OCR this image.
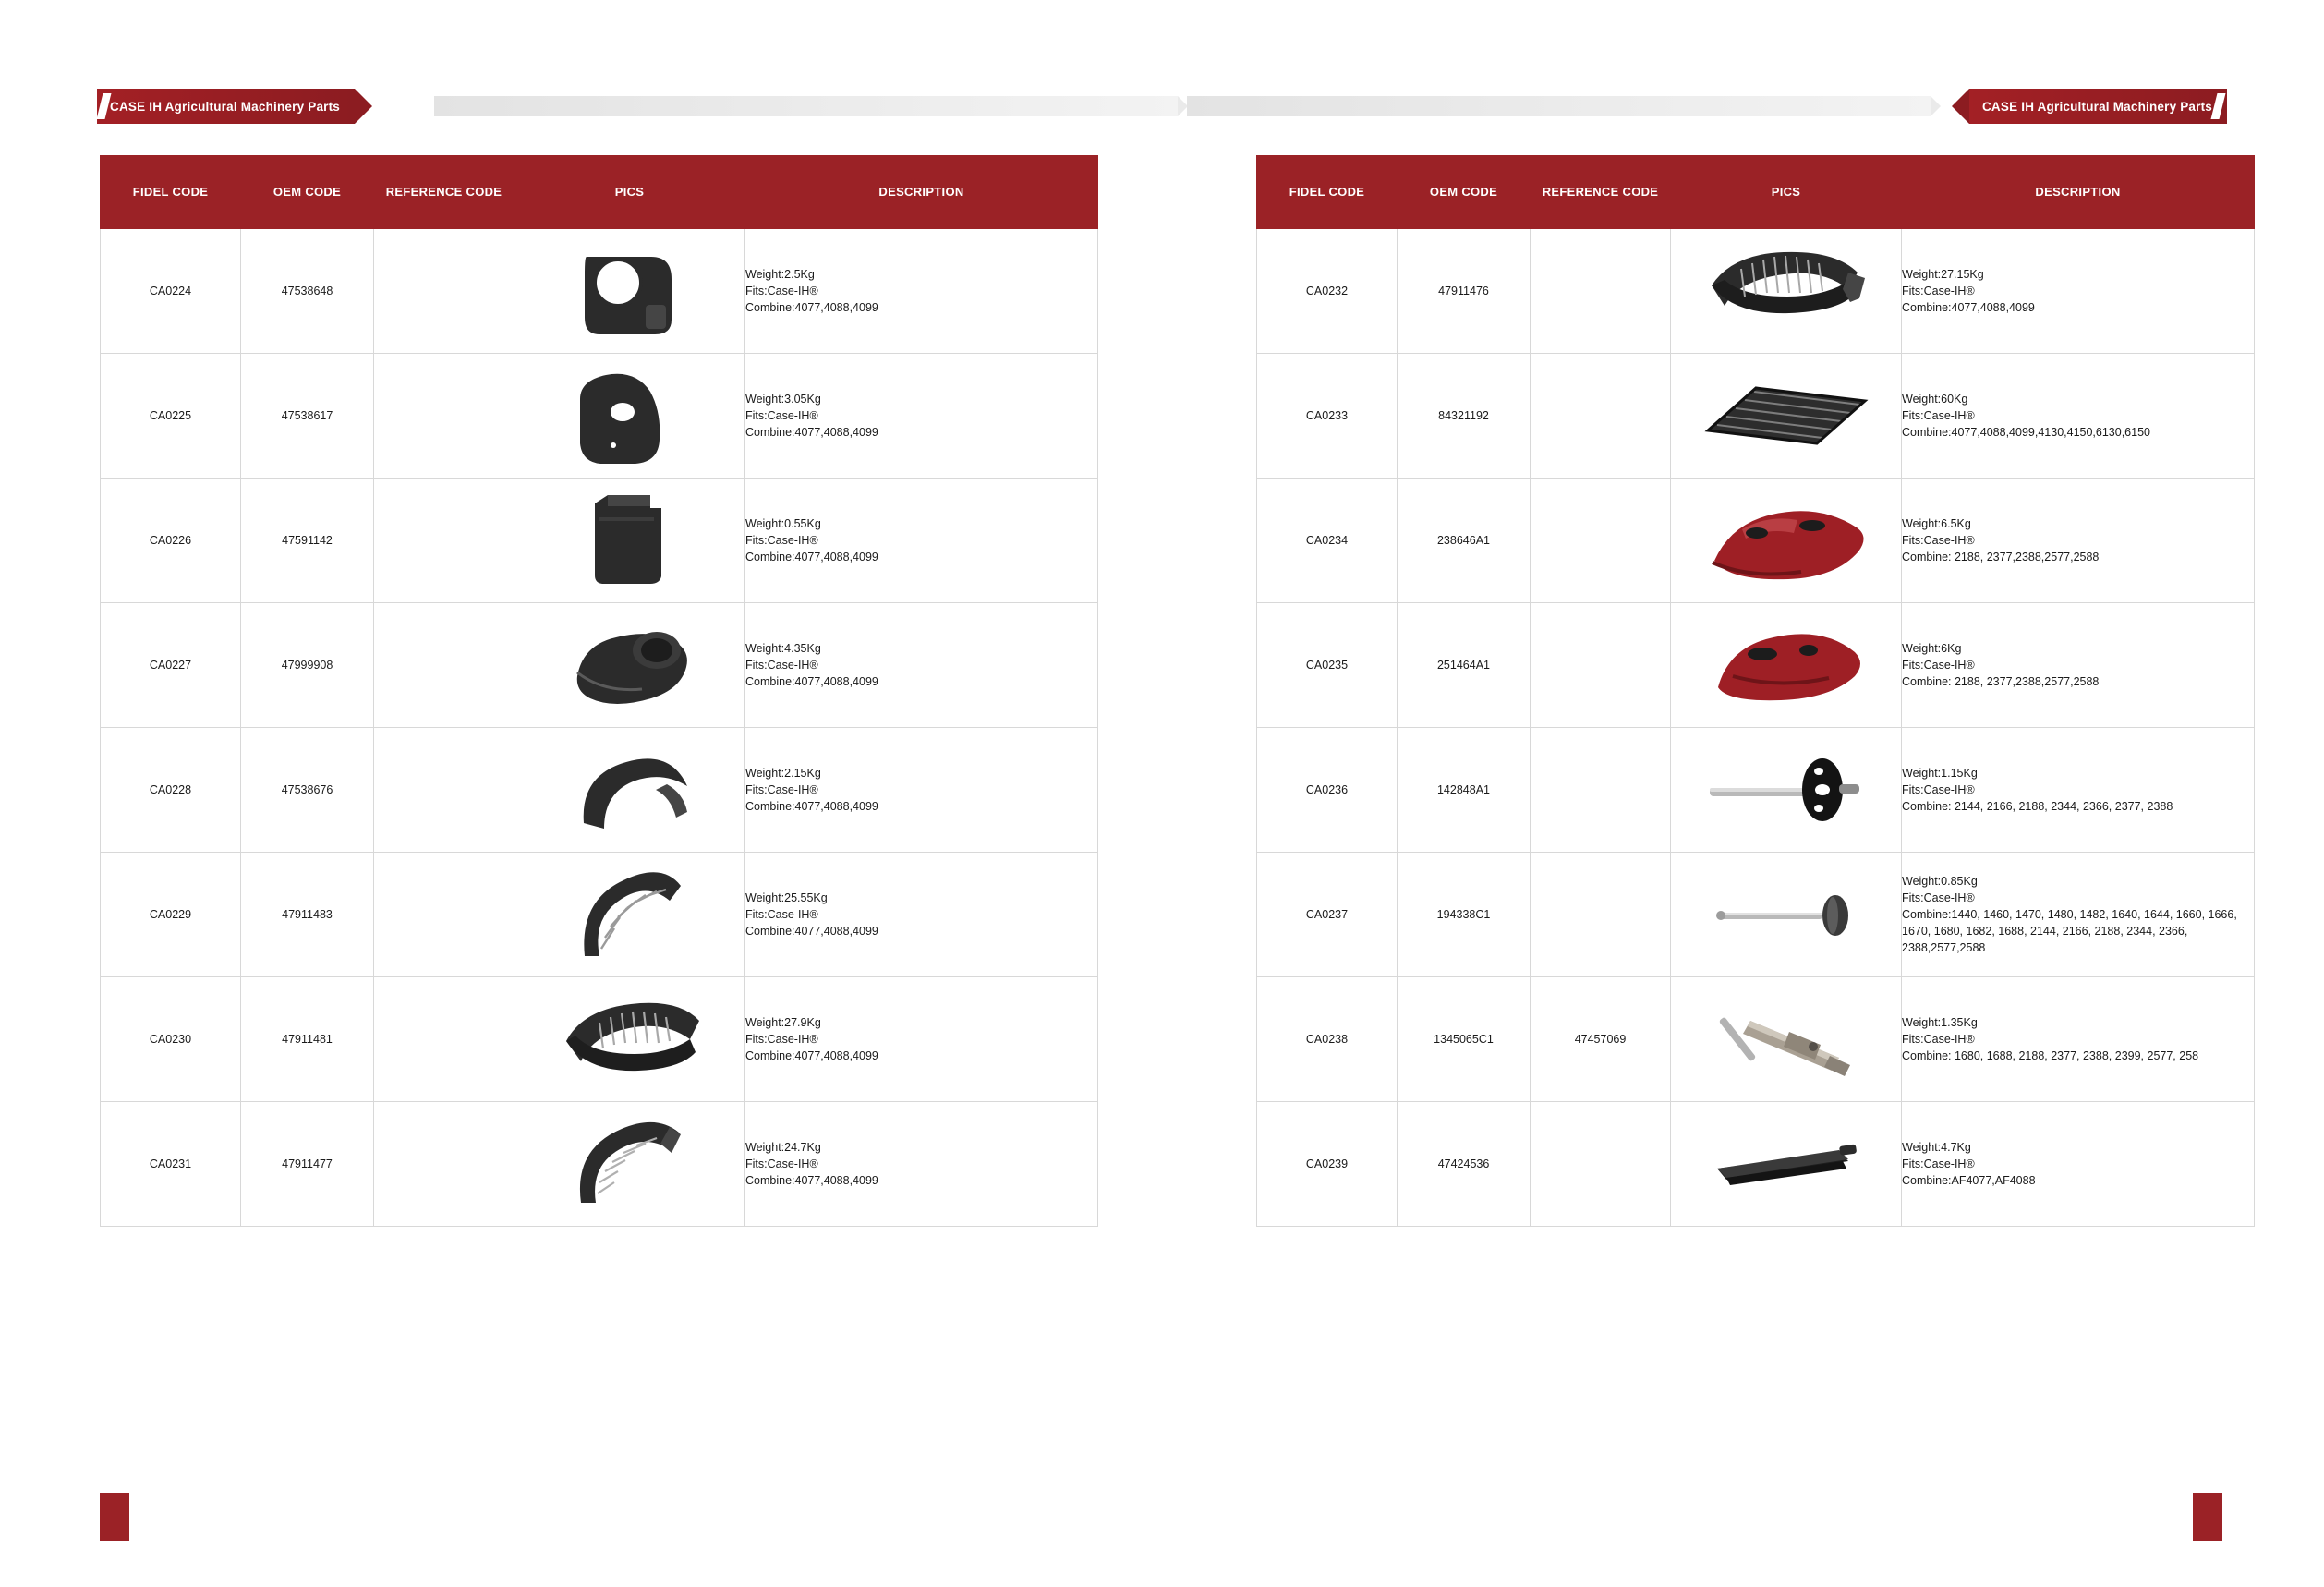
CASE IH Agricultural Machinery Parts	CASE IH Agricultural Machinery Parts
FIDEL CODE	OEM CODE	REFERENCE CODE	PICS	DESCRIPTION
CA0224	47538648			Weight:2.5Kg
Fits:Case-IH®
Combine:4077,4088,4099
CA0225	47538617			Weight:3.05Kg
Fits:Case-IH®
Combine:4077,4088,4099
CA0226	47591142			Weight:0.55Kg
Fits:Case-IH®
Combine:4077,4088,4099
CA0227	47999908			Weight:4.35Kg
Fits:Case-IH®
Combine:4077,4088,4099
CA0228	47538676			Weight:2.15Kg
Fits:Case-IH®
Combine:4077,4088,4099
CA0229	47911483			Weight:25.55Kg
Fits:Case-IH®
Combine:4077,4088,4099
CA0230	47911481			Weight:27.9Kg
Fits:Case-IH®
Combine:4077,4088,4099
CA0231	47911477			Weight:24.7Kg
Fits:Case-IH®
Combine:4077,4088,4099
FIDEL CODE	OEM CODE	REFERENCE CODE	PICS	DESCRIPTION
CA0232	47911476			Weight:27.15Kg
Fits:Case-IH®
Combine:4077,4088,4099
CA0233	84321192			Weight:60Kg
Fits:Case-IH®
Combine:4077,4088,4099,4130,4150,6130,6150
CA0234	238646A1			Weight:6.5Kg
Fits:Case-IH®
Combine: 2188, 2377,2388,2577,2588
CA0235	251464A1			Weight:6Kg
Fits:Case-IH®
Combine: 2188, 2377,2388,2577,2588
CA0236	142848A1			Weight:1.15Kg
Fits:Case-IH®
Combine: 2144, 2166, 2188, 2344, 2366, 2377, 2388
CA0237	194338C1			Weight:0.85Kg
Fits:Case-IH®
Combine:1440, 1460, 1470, 1480, 1482, 1640, 1644, 1660, 1666, 1670, 1680, 1682, 1688, 2144, 2166, 2188, 2344, 2366, 2388,2577,2588
CA0238	1345065C1	47457069		Weight:1.35Kg
Fits:Case-IH®
Combine: 1680, 1688, 2188, 2377, 2388, 2399, 2577, 258
CA0239	47424536			Weight:4.7Kg
Fits:Case-IH®
Combine:AF4077,AF4088
